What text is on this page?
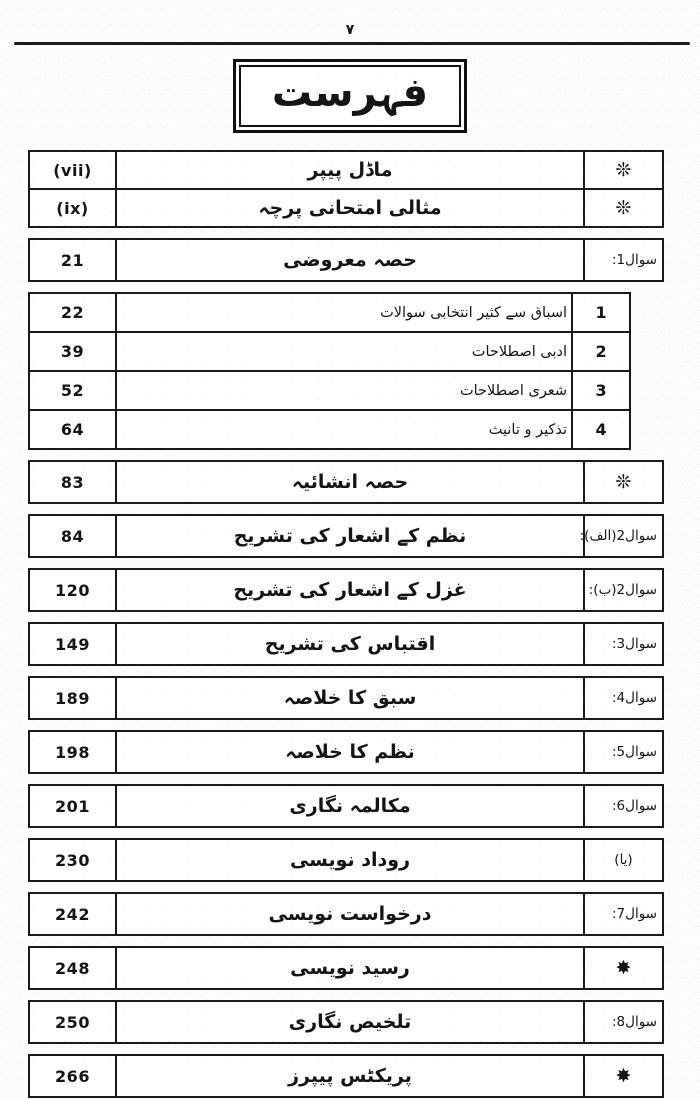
٧
فہرست
(vii)	ماڈل پیپر	❊
(ix)	مثالی امتحانی پرچہ	❊
21	حصہ معروضی	سوال1:
22	اسباق سے کثیر انتخابی سوالات	1
39	ادبی اصطلاحات	2
52	شعری اصطلاحات	3
64	تذکیر و تانیث	4
83	حصہ انشائیہ	❊
84	نظم کے اشعار کی تشریح	سوال2(الف):
120	غزل کے اشعار کی تشریح	سوال2(ب):
149	اقتباس کی تشریح	سوال3:
189	سبق کا خلاصہ	سوال4:
198	نظم کا خلاصہ	سوال5:
201	مکالمہ نگاری	سوال6:
230	روداد نویسی	(یا)
242	درخواست نویسی	سوال7:
248	رسید نویسی	✸
250	تلخیص نگاری	سوال8:
266	پریکٹس پیپرز	✸
